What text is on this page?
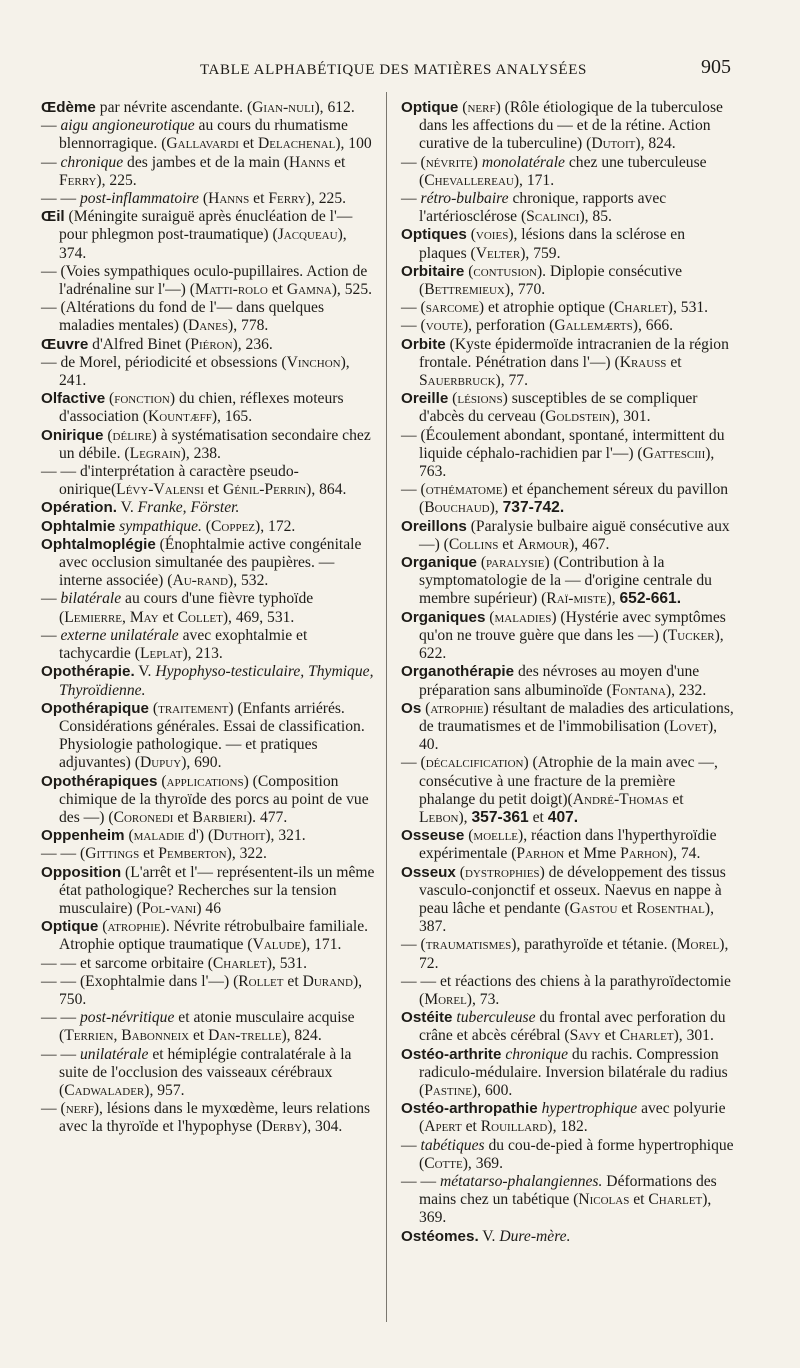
TABLE ALPHABÉTIQUE DES MATIÈRES ANALYSÉES	905

Œdème par névrite ascendante. (Gian-nuli), 612.

— aigu angioneurotique au cours du rhumatisme blennorragique. (Gallavardi et Delachenal), 100

— chronique des jambes et de la main (Hanns et Ferry), 225.

— — post-inflammatoire (Hanns et Ferry), 225.

Œil (Méningite suraiguë après énucléation de l'— pour phlegmon post-traumatique) (Jacqueau), 374.

— (Voies sympathiques oculo-pupillaires. Action de l'adrénaline sur l'—) (Matti-rolo et Gamna), 525.

— (Altérations du fond de l'— dans quelques maladies mentales) (Danes), 778.

Œuvre d'Alfred Binet (Piéron), 236.

— de Morel, périodicité et obsessions (Vinchon), 241.

Olfactive (fonction) du chien, réflexes moteurs d'association (Kountæff), 165.

Onirique (délire) à systématisation secondaire chez un débile. (Legrain), 238.

— — d'interprétation à caractère pseudo-onirique(Lévy-Valensi et Génil-Perrin), 864.

Opération. V. Franke, Förster.

Ophtalmie sympathique. (Coppez), 172.

Ophtalmoplégie (Énophtalmie active congénitale avec occlusion simultanée des paupières. — interne associée) (Au-rand), 532.

— bilatérale au cours d'une fièvre typhoïde (Lemierre, May et Collet), 469, 531.

— externe unilatérale avec exophtalmie et tachycardie (Leplat), 213.

Opothérapie. V. Hypophyso-testiculaire, Thymique, Thyroïdienne.

Opothérapique (traitement) (Enfants arriérés. Considérations générales. Essai de classification. Physiologie pathologique. — et pratiques adjuvantes) (Dupuy), 690.

Opothérapiques (applications) (Composition chimique de la thyroïde des porcs au point de vue des —) (Coronedi et Barbieri). 477.

Oppenheim (maladie d') (Duthoit), 321.

— — (Gittings et Pemberton), 322.

Opposition (L'arrêt et l'— représentent-ils un même état pathologique? Recherches sur la tension musculaire) (Pol-vani) 46

Optique (atrophie). Névrite rétrobulbaire familiale. Atrophie optique traumatique (Valude), 171.

— — et sarcome orbitaire (Charlet), 531.

— — (Exophtalmie dans l'—) (Rollet et Durand), 750.

— — post-névritique et atonie musculaire acquise (Terrien, Babonneix et Dan-trelle), 824.

— — unilatérale et hémiplégie contralatérale à la suite de l'occlusion des vaisseaux cérébraux (Cadwalader), 957.

— (nerf), lésions dans le myxœdème, leurs relations avec la thyroïde et l'hypophyse (Derby), 304.

Optique (nerf) (Rôle étiologique de la tuberculose dans les affections du — et de la rétine. Action curative de la tuberculine) (Dutoit), 824.

— (névrite) monolatérale chez une tuberculeuse (Chevallereau), 171.

— rétro-bulbaire chronique, rapports avec l'artériosclérose (Scalinci), 85.

Optiques (voies), lésions dans la sclérose en plaques (Velter), 759.

Orbitaire (contusion). Diplopie consécutive (Bettremieux), 770.

— (sarcome) et atrophie optique (Charlet), 531.

— (voute), perforation (Gallemærts), 666.

Orbite (Kyste épidermoïde intracranien de la région frontale. Pénétration dans l'—) (Krauss et Sauerbruck), 77.

Oreille (lésions) susceptibles de se compliquer d'abcès du cerveau (Goldstein), 301.

— (Écoulement abondant, spontané, intermittent du liquide céphalo-rachidien par l'—) (Gattesciii), 763.

— (othématome) et épanchement séreux du pavillon (Bouchaud), 737-742.

Oreillons (Paralysie bulbaire aiguë consécutive aux —) (Collins et Armour), 467.

Organique (paralysie) (Contribution à la symptomatologie de la — d'origine centrale du membre supérieur) (Raï-miste), 652-661.

Organiques (maladies) (Hystérie avec symptômes qu'on ne trouve guère que dans les —) (Tucker), 622.

Organothérapie des névroses au moyen d'une préparation sans albuminoïde (Fontana), 232.

Os (atrophie) résultant de maladies des articulations, de traumatismes et de l'immobilisation (Lovet), 40.

— (décalcification) (Atrophie de la main avec —, consécutive à une fracture de la première phalange du petit doigt)(André-Thomas et Lebon), 357-361 et 407.

Osseuse (moelle), réaction dans l'hyperthyroïdie expérimentale (Parhon et Mme Parhon), 74.

Osseux (dystrophies) de développement des tissus vasculo-conjonctif et osseux. Naevus en nappe à peau lâche et pendante (Gastou et Rosenthal), 387.

— (traumatismes), parathyroïde et tétanie. (Morel), 72.

— — et réactions des chiens à la parathyroïdectomie (Morel), 73.

Ostéite tuberculeuse du frontal avec perforation du crâne et abcès cérébral (Savy et Charlet), 301.

Ostéo-arthrite chronique du rachis. Compression radiculo-médulaire. Inversion bilatérale du radius (Pastine), 600.

Ostéo-arthropathie hypertrophique avec polyurie (Apert et Rouillard), 182.

— tabétiques du cou-de-pied à forme hypertrophique (Cotte), 369.

— — métatarso-phalangiennes. Déformations des mains chez un tabétique (Nicolas et Charlet), 369.

Ostéomes. V. Dure-mère.
